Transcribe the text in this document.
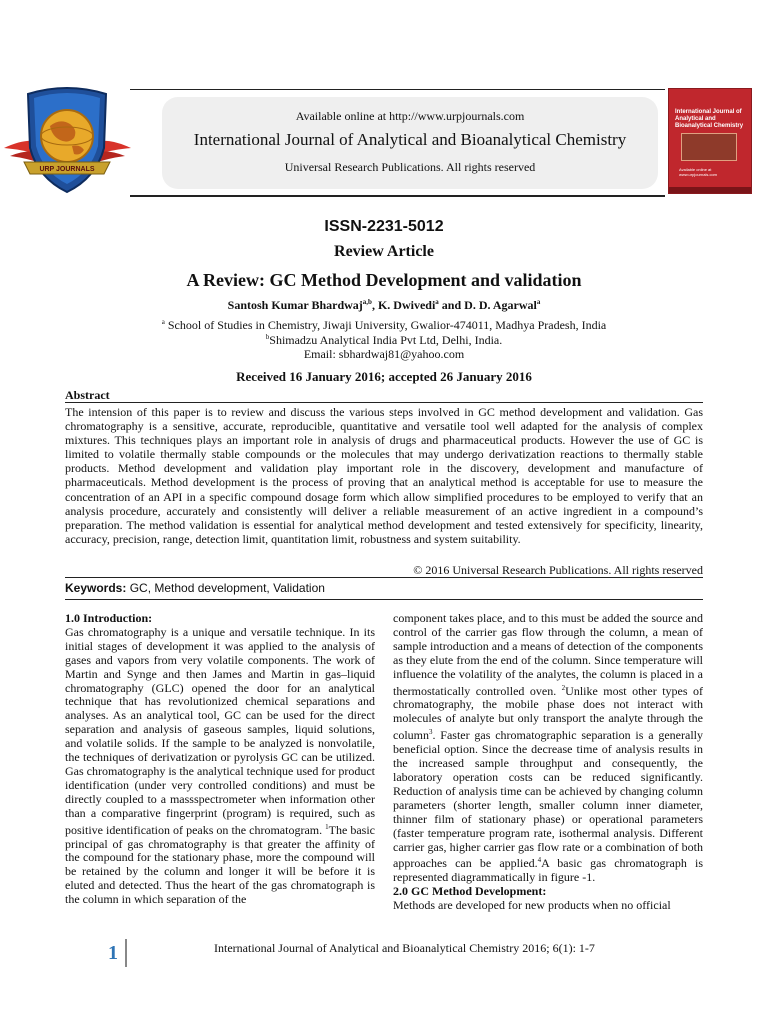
URP JOURNALS
Available online at http://www.urpjournals.com
International Journal of Analytical and Bioanalytical Chemistry
Universal Research Publications. All rights reserved
International Journal of Analytical and Bioanalytical Chemistry
Available online at
www.urpjournals.com
ISSN-2231-5012
Review Article
A Review: GC Method Development and validation
Santosh Kumar Bhardwaj$^{a,b}$, K. Dwivedi$^a$ and D. D. Agarwal$^a$
$^a$ School of Studies in Chemistry, Jiwaji University, Gwalior-474011, Madhya Pradesh, India
$^b$Shimadzu Analytical India Pvt Ltd, Delhi, India.
Email: sbhardwaj81@yahoo.com
Received 16 January 2016; accepted 26 January 2016
Abstract
The intension of this paper is to review and discuss the various steps involved in GC method development and validation. Gas chromatography is a sensitive, accurate, reproducible, quantitative and versatile tool well adapted for the analysis of complex mixtures. This techniques plays an important role in analysis of drugs and pharmaceutical products. However the use of GC is limited to volatile thermally stable compounds or the molecules that may undergo derivatization reactions to thermally stable products. Method development and validation play important role in the discovery, development and manufacture of pharmaceuticals. Method development is the process of proving that an analytical method is acceptable for use to measure the concentration of an API in a specific compound dosage form which allow simplified procedures to be employed to verify that an analysis procedure, accurately and consistently will deliver a reliable measurement of an active ingredient in a compound’s preparation. The method validation is essential for analytical method development and tested extensively for specificity, linearity, accuracy, precision, range, detection limit, quantitation limit, robustness and system suitability.
© 2016 Universal Research Publications. All rights reserved
Keywords: GC, Method development, Validation
1.0 Introduction:
Gas chromatography is a unique and versatile technique. In its initial stages of development it was applied to the analysis of gases and vapors from very volatile components. The work of Martin and Synge and then James and Martin in gas–liquid chromatography (GLC) opened the door for an analytical technique that has revolutionized chemical separations and analyses. As an analytical tool, GC can be used for the direct separation and analysis of gaseous samples, liquid solutions, and volatile solids. If the sample to be analyzed is nonvolatile, the techniques of derivatization or pyrolysis GC can be utilized. Gas chromatography is the analytical technique used for product identification (under very controlled conditions) and must be directly coupled to a massspectrometer when information other than a comparative fingerprint (program) is required, such as positive identification of peaks on the chromatogram. $^1$The basic principal of gas chromatography is that greater the affinity of the compound for the stationary phase, more the compound will be retained by the column and longer it will be before it is eluted and detected. Thus the heart of the gas chromatograph is the column in which separation of the
component takes place, and to this must be added the source and control of the carrier gas flow through the column, a mean of sample introduction and a means of detection of the components as they elute from the end of the column. Since temperature will influence the volatility of the analytes, the column is placed in a thermostatically controlled oven. $^2$Unlike most other types of chromatography, the mobile phase does not interact with molecules of analyte but only transport the analyte through the column$^3$. Faster gas chromatographic separation is a generally beneficial option. Since the decrease time of analysis results in the increased sample throughput and consequently, the laboratory operation costs can be reduced significantly. Reduction of analysis time can be achieved by changing column parameters (shorter length, smaller column inner diameter, thinner film of stationary phase) or operational parameters (faster temperature program rate, isothermal analysis. Different carrier gas, higher carrier gas flow rate or a combination of both approaches can be applied.$^4$A basic gas chromatograph is represented diagrammatically in figure -1.
2.0 GC Method Development:
Methods are developed for new products when no official
1	International Journal of Analytical and Bioanalytical Chemistry 2016; 6(1): 1-7
